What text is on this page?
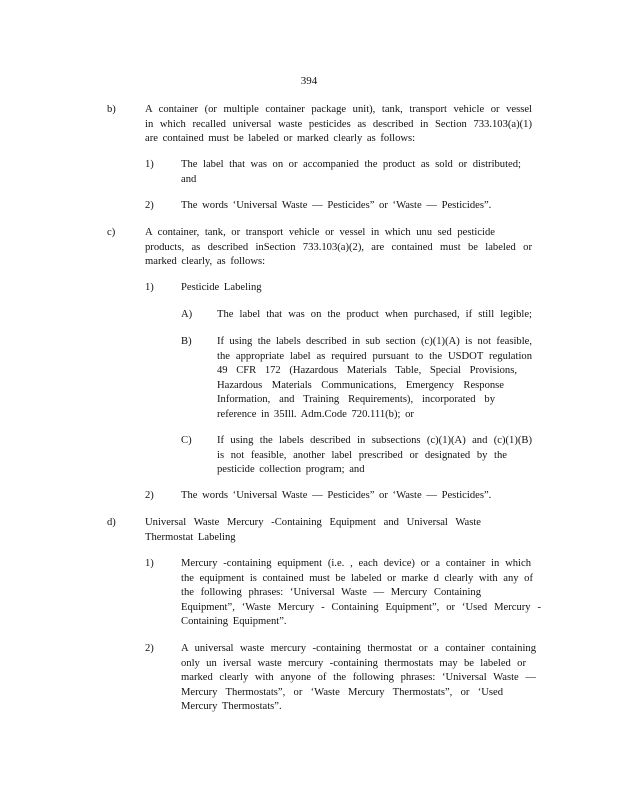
394
b)	A container (or multiple container package unit), tank, transport vehicle or vessel
in which recalled universal waste pesticides as described in Section 733.103(a)(1)
are contained must be labeled or marked clearly as follows:
1)	The label that was on or accompanied the product as sold or distributed;
and
2)	The words ‘Universal Waste — Pesticides” or ‘Waste — Pesticides”.
c)	A container, tank, or transport vehicle or vessel in which unu sed pesticide
products, as described inSection 733.103(a)(2), are contained must be labeled or
marked clearly, as follows:
1)	Pesticide Labeling
A) The label that was on the product when purchased, if still legible;
B) If using the labels described in sub section (c)(1)(A) is not feasible,
the appropriate label as required pursuant to the USDOT regulation
49 CFR 172 (Hazardous Materials Table, Special Provisions,
Hazardous Materials Communications, Emergency Response
Information, and Training Requirements), incorporated by
reference in 35Ill. Adm.Code 720.111(b); or
C) If using the labels described in subsections (c)(1)(A) and (c)(1)(B)
is not feasible, another label prescribed or designated by the
pesticide collection program; and
2)	The words ‘Universal Waste — Pesticides” or ‘Waste — Pesticides”.
d)	Universal Waste Mercury -Containing Equipment and Universal Waste
Thermostat Labeling
1)	Mercury -containing equipment (i.e. , each device) or a container in which
the equipment is contained must be labeled or marke d clearly with any of
the following phrases: ‘Universal Waste — Mercury Containing
Equipment”, ‘Waste Mercury - Containing Equipment”, or ‘Used Mercury -
Containing Equipment”.
2)	A universal waste mercury -containing thermostat or a container containing
only un iversal waste mercury -containing thermostats may be labeled or
marked clearly with anyone of the following phrases: ‘Universal Waste —
Mercury Thermostats”, or ‘Waste Mercury Thermostats”, or ‘Used
Mercury Thermostats”.
